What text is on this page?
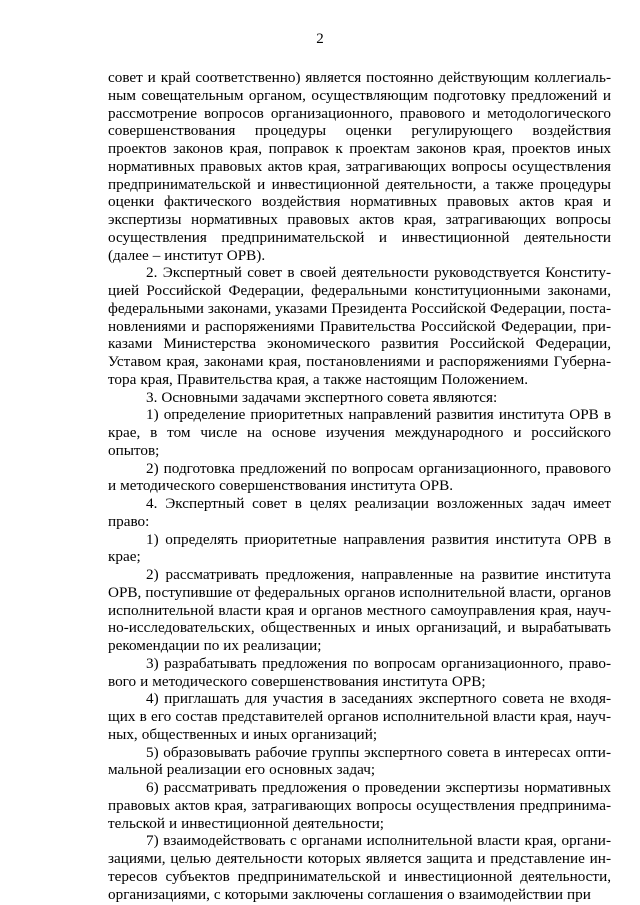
2

совет и край соответственно) является постоянно действующим коллегиальным совещательным органом, осуществляющим подготовку предложений и рассмотрение вопросов организационного, правового и методологического совершенствования процедуры оценки регулирующего воздействия проектов законов края, поправок к проектам законов края, проектов иных нормативных правовых актов края, затрагивающих вопросы осуществления предпринимательской и инвестиционной деятельности, а также процедуры оценки фактического воздействия нормативных правовых актов края и экспертизы нормативных правовых актов края, затрагивающих вопросы осуществления предпринимательской и инвестиционной деятельности (далее – институт ОРВ).

2. Экспертный совет в своей деятельности руководствуется Конституцией Российской Федерации, федеральными конституционными законами, федеральными законами, указами Президента Российской Федерации, постановлениями и распоряжениями Правительства Российской Федерации, приказами Министерства экономического развития Российской Федерации, Уставом края, законами края, постановлениями и распоряжениями Губернатора края, Правительства края, а также настоящим Положением.

3. Основными задачами экспертного совета являются:

1) определение приоритетных направлений развития института ОРВ в крае, в том числе на основе изучения международного и российского опытов;

2) подготовка предложений по вопросам организационного, правового и методического совершенствования института ОРВ.

4. Экспертный совет в целях реализации возложенных задач имеет право:

1) определять приоритетные направления развития института ОРВ в крае;

2) рассматривать предложения, направленные на развитие института ОРВ, поступившие от федеральных органов исполнительной власти, органов исполнительной власти края и органов местного самоуправления края, научно-исследовательских, общественных и иных организаций, и вырабатывать рекомендации по их реализации;

3) разрабатывать предложения по вопросам организационного, правового и методического совершенствования института ОРВ;

4) приглашать для участия в заседаниях экспертного совета не входящих в его состав представителей органов исполнительной власти края, научных, общественных и иных организаций;

5) образовывать рабочие группы экспертного совета в интересах оптимальной реализации его основных задач;

6) рассматривать предложения о проведении экспертизы нормативных правовых актов края, затрагивающих вопросы осуществления предпринимательской и инвестиционной деятельности;

7) взаимодействовать с органами исполнительной власти края, организациями, целью деятельности которых является защита и представление интересов субъектов предпринимательской и инвестиционной деятельности, организациями, с которыми заключены соглашения о взаимодействии при
